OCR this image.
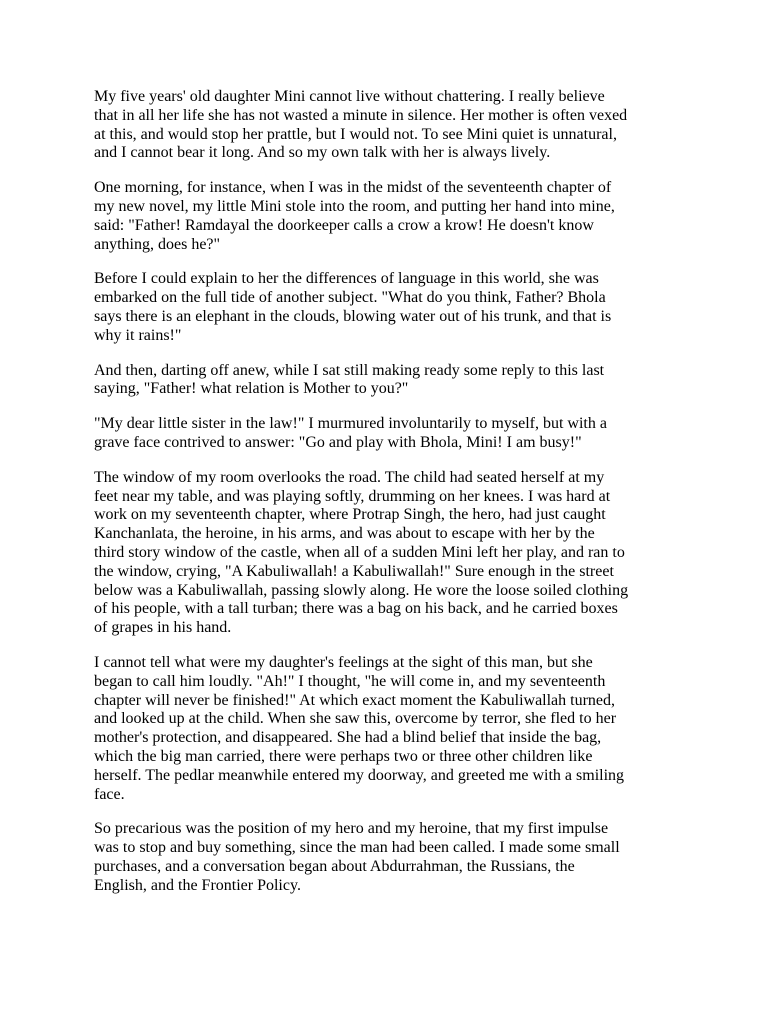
My five years' old daughter Mini cannot live without chattering. I really believe
that in all her life she has not wasted a minute in silence. Her mother is often vexed
at this, and would stop her prattle, but I would not. To see Mini quiet is unnatural,
and I cannot bear it long. And so my own talk with her is always lively.

One morning, for instance, when I was in the midst of the seventeenth chapter of
my new novel, my little Mini stole into the room, and putting her hand into mine,
said: "Father! Ramdayal the doorkeeper calls a crow a krow! He doesn't know
anything, does he?"

Before I could explain to her the differences of language in this world, she was
embarked on the full tide of another subject. "What do you think, Father? Bhola
says there is an elephant in the clouds, blowing water out of his trunk, and that is
why it rains!"

And then, darting off anew, while I sat still making ready some reply to this last
saying, "Father! what relation is Mother to you?"

"My dear little sister in the law!" I murmured involuntarily to myself, but with a
grave face contrived to answer: "Go and play with Bhola, Mini! I am busy!"

The window of my room overlooks the road. The child had seated herself at my
feet near my table, and was playing softly, drumming on her knees. I was hard at
work on my seventeenth chapter, where Protrap Singh, the hero, had just caught
Kanchanlata, the heroine, in his arms, and was about to escape with her by the
third story window of the castle, when all of a sudden Mini left her play, and ran to
the window, crying, "A Kabuliwallah! a Kabuliwallah!" Sure enough in the street
below was a Kabuliwallah, passing slowly along. He wore the loose soiled clothing
of his people, with a tall turban; there was a bag on his back, and he carried boxes
of grapes in his hand.

I cannot tell what were my daughter's feelings at the sight of this man, but she
began to call him loudly. "Ah!" I thought, "he will come in, and my seventeenth
chapter will never be finished!" At which exact moment the Kabuliwallah turned,
and looked up at the child. When she saw this, overcome by terror, she fled to her
mother's protection, and disappeared. She had a blind belief that inside the bag,
which the big man carried, there were perhaps two or three other children like
herself. The pedlar meanwhile entered my doorway, and greeted me with a smiling
face.

So precarious was the position of my hero and my heroine, that my first impulse
was to stop and buy something, since the man had been called. I made some small
purchases, and a conversation began about Abdurrahman, the Russians, the
English, and the Frontier Policy.
